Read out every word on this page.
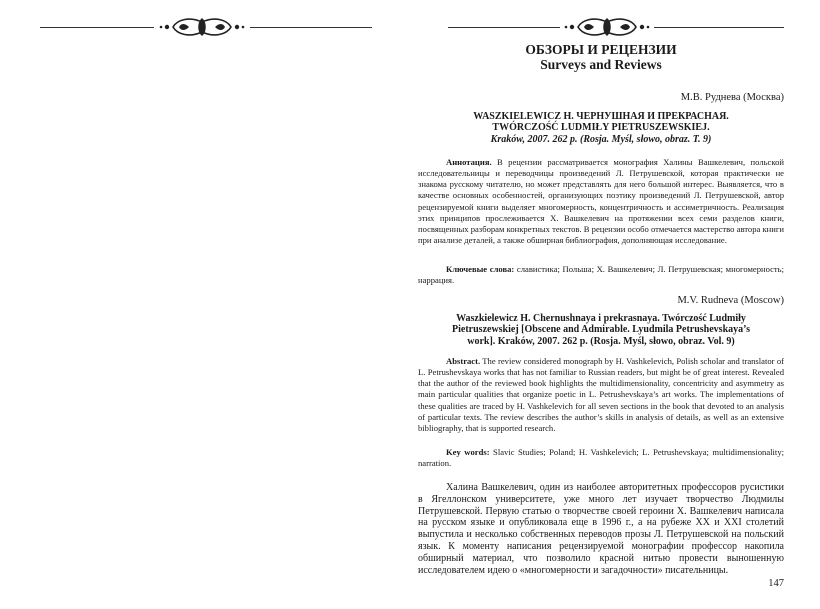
ОБЗОРЫ И РЕЦЕНЗИИ
Surveys and Reviews
М.В. Руднева (Москва)
WASZKIELEWICZ H. ЧЕРНУШНАЯ И ПРЕКРАСНАЯ.
TWÓRCZOŚĆ LUDMIŁY PIETRUSZEWSKIEJ.
Kraków, 2007. 262 p. (Rosja. Myśl, słowo, obraz. T. 9)
Аннотация. В рецензии рассматривается монография Халины Вашкелевич, польской исследовательницы и переводчицы произведений Л. Петрушевской, которая практически не знакома русскому читателю, но может представлять для него большой интерес. Выявляется, что в качестве основных особенностей, организующих поэтику произведений Л. Петрушевской, автор рецензируемой книги выделяет многомерность, концентричность и ассиметричность. Реализация этих принципов прослеживается Х. Вашкелевич на протяжении всех семи разделов книги, посвященных разборам конкретных текстов. В рецензии особо отмечается мастерство автора книги при анализе деталей, а также обширная библиография, дополняющая исследование.
Ключевые слова: славистика; Польша; Х. Вашкелевич; Л. Петрушевская; многомерность; наррация.
M.V. Rudneva (Moscow)
Waszkielewicz H. Chernushnaya i prekrasnaya. Twórczość Ludmiły
Pietruszewskiej [Obscene and Admirable. Lyudmila Petrushevskaya’s
work]. Kraków, 2007. 262 p. (Rosja. Myśl, słowo, obraz. Vol. 9)
Abstract. The review considered monograph by H. Vashkelevich, Polish scholar and translator of L. Petrushevskaya works that has not familiar to Russian readers, but might be of great interest. Revealed that the author of the reviewed book highlights the multidimensionality, concentricity and asymmetry as main particular qualities that organize poetic in L. Petrushevskaya’s art works. The implementations of these qualities are traced by H. Vashkelevich for all seven sections in the book that devoted to an analysis of particular texts. The review describes the author’s skills in analysis of details, as well as an extensive bibliography, that is supported research.
Key words: Slavic Studies; Poland; H. Vashkelevich; L. Petrushevskaya; multidimensionality; narration.
Халина Вашкелевич, один из наиболее авторитетных профессоров русистики в Ягеллонском университете, уже много лет изучает творчество Людмилы Петрушевской. Первую статью о творчестве своей героини Х. Вашкелевич написала на русском языке и опубликовала еще в 1996 г., а на рубеже ХХ и ХХI столетий выпустила и несколько собственных переводов прозы Л. Петрушевской на польский язык. К моменту написания рецензируемой монографии профессор накопила обширный материал, что позволило красной нитью провести выношенную исследователем идею о «многомерности и загадочности» писательницы.
147
